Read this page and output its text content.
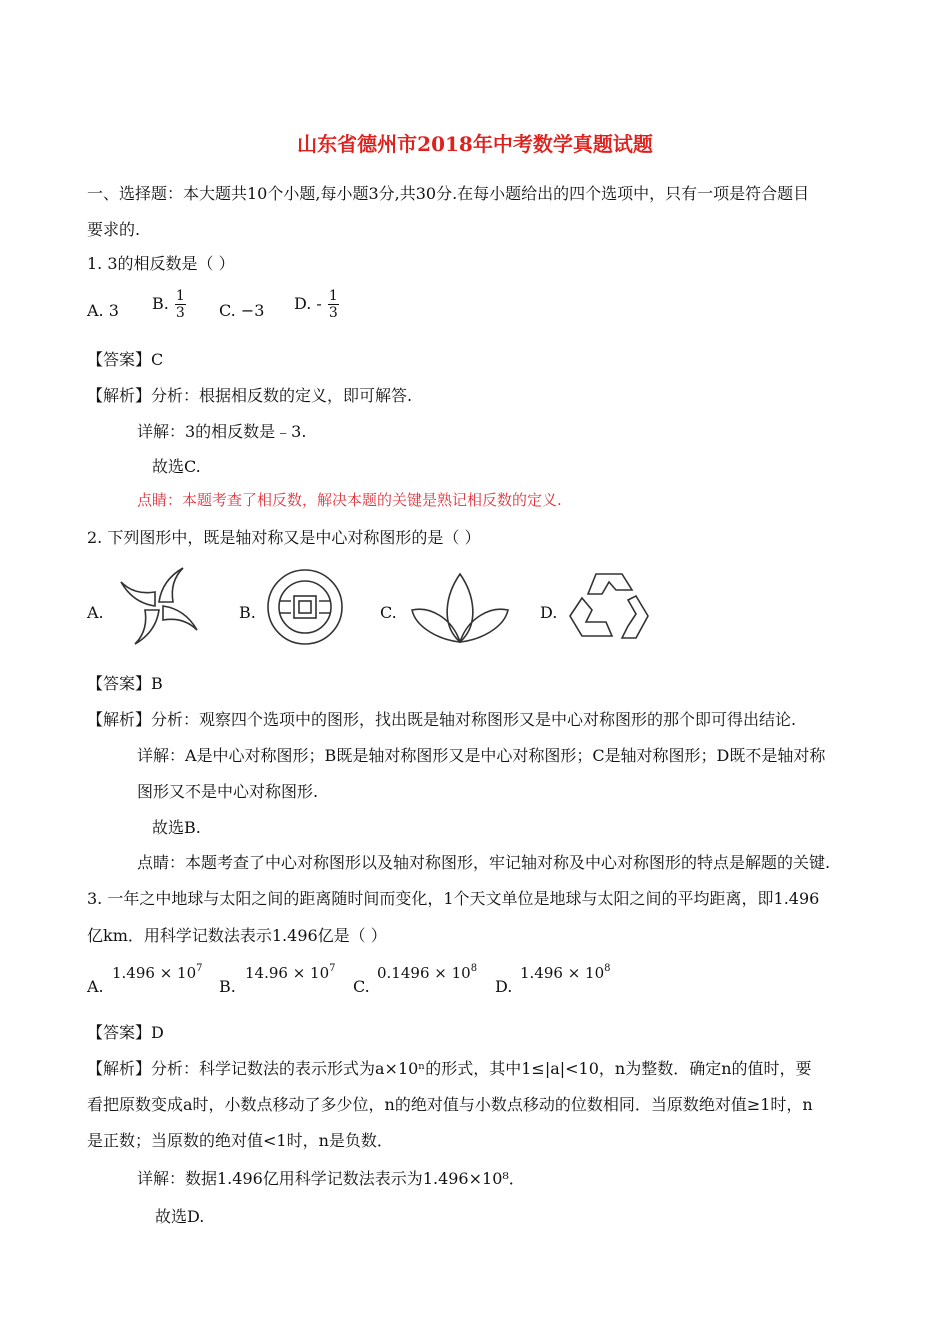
山东省德州市2018年中考数学真题试题
一、选择题：本大题共10个小题,每小题3分,共30分.在每小题给出的四个选项中，只有一项是符合题目
要求的.
1. 3的相反数是（ ）
A. 3 B. $\frac{1}{3} C$. −3 D. - $\frac{1}{3}$
【答案】C
【解析】分析：根据相反数的定义，即可解答.
详解：3的相反数是﹣3.
故选C.
点睛：本题考查了相反数，解决本题的关键是熟记相反数的定义.
2. 下列图形中，既是轴对称又是中心对称图形的是（ ）
A.	B.	C.	D.
【答案】B
【解析】分析：观察四个选项中的图形，找出既是轴对称图形又是中心对称图形的那个即可得出结论.
详解：A是中心对称图形；B既是轴对称图形又是中心对称图形；C是轴对称图形；D既不是轴对称
图形又不是中心对称图形.
故选B.
点睛：本题考查了中心对称图形以及轴对称图形，牢记轴对称及中心对称图形的特点是解题的关键.
3. 一年之中地球与太阳之间的距离随时间而变化，1个天文单位是地球与太阳之间的平均距离，即1.496
亿km．用科学记数法表示1.496亿是（ ）
A.
$1.496 \times 10^7$
B.
$14.96 \times 10^7$
C.
$0.1496 \times 10^8$
D.
$1.496 \times 10^8$
【答案】D
【解析】分析：科学记数法的表示形式为a×10ⁿ的形式，其中1≤|a|<10，n为整数．确定n的值时，要
看把原数变成a时，小数点移动了多少位，n的绝对值与小数点移动的位数相同．当原数绝对值≥1时，n
是正数；当原数的绝对值<1时，n是负数．
详解：数据1.496亿用科学记数法表示为1.496×10⁸．
故选D.
